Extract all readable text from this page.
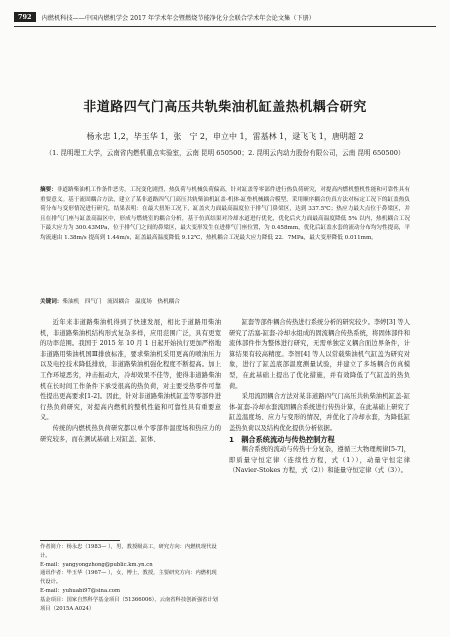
792	内燃机科技——中国内燃机学会 2017 年学术年会暨燃烧节能净化分会联合学术年会论文集（下册）
非道路四气门高压共轨柴油机缸盖热机耦合研究
杨永忠 1,2，毕玉华 1，张　宁 2，申立中 1，雷基林 1，逯飞飞 1，唐明超 2
（1. 昆明理工大学，云南省内燃机重点实验室，云南 昆明 650500；2. 昆明云内动力股份有限公司，云南 昆明 650500）
摘要：非道路柴油机工作条件恶劣，工况变化剧烈，热负荷与机械负荷偏高，针对缸盖等零部件进行热负荷研究，对提高内燃机整机性能和可靠性具有重要意义。基于流固耦合方法，建立了某非道路四气门高压共轨柴油机缸盖-机体-缸垫机械耦合模型，采用顺序耦合仿真方法对标定工况下的缸盖热负荷分布与变形情况进行研究，结果表明：在最大扭矩工况下，缸盖火力面最高温度位于排气门鼻梁区，达到 337.5℃；热应力最大点位于鼻梁区，并且在排气门座与缸盖高温区中，形成与燃烧室的耦合分析，基于仿真结果对冷却水道进行优化，优化后火力面最高温度降低 5% 以内，热机耦合工况下最大应力为 300.43MPa，位于排气门之间的鼻梁区，最大变形发生在进排气门座位置，为 0.458mm，优化后缸盖水套的流动分布均匀性提高，平均流速由 1.38m/s 提高到 1.44m/s，缸盖最高温度降低 9.12℃，热机耦合工况最大应力降低 22．7MPa，最大变形降低 0.011mm。
关键词：柴油机　四气门　流固耦合　温度场　热机耦合

近年来非道路柴油机得到了快速发展，相比于道路用柴油机，非道路柴油机结构形式复杂多样，应用范围广泛，具有更宽的功率范围。我国于 2015 年 10 月 1 日起开始执行更加严格地非道路用柴油机国Ⅲ排放标准，要求柴油机采用更高的喷油压力以及电控技术降低排放，非道路柴油机强化程度不断提高。加上工作环境恶劣，冲击振动大，冷却效果不佳等，使得非道路柴油机在长时间工作条件下承受很高的热负荷，对主要受热零件可靠性提出更高要求[1-2]。因此，针对非道路柴油机缸盖等零部件进行热负荷研究，对提高内燃机的整机性能和可靠性具有重要意义。

传统的内燃机热负荷研究都以单个零部件温度场和热应力的研究较多，而在测试基础上对缸盖、缸体、

缸套等部件耦合传热进行系统分析的研究较少。李婷[3] 等人研究了活塞-缸套-冷却水组成的固流耦合传热系统，将固体部件和流体部件作为整体进行研究，无需单独定义耦合面边界条件，计算结果有较高精度。李智[4] 等人以常载柴油机气缸盖为研究对象，进行了缸盖底部温度测量试验，并建立了多场耦合仿真模型，在此基础上提出了优化措施，并有效降低了气缸盖的热负荷。

采用流固耦合方法对某非道路四气门高压共轨柴油机缸盖-缸体-缸套-冷却水套流固耦合系统进行传热计算，在此基础上研究了缸盖温度场、应力与变形的情况，并优化了冷却水套，为降低缸盖热负荷以及结构优化提供分析依据。

1　耦合系统流动与传热控制方程

耦合系统的流动与传热十分复杂，遵循三大物理规律[5-7]，即质量守恒定律（连续性方程，式（1）），动量守恒定律（Navier-Stokes 方程，式（2））和能量守恒定律（式（3））。

作者简介：杨永忠（1983— ），男，教授级高工，研究方向：内燃机现代设计。
E-mail：yangyongzhong@public.km.yn.cn
通讯作者：毕玉华（1967— ），女，博士，教授，主要研究方向：内燃机现代设计。
E-mail：yuhuabi97@sina.com
基金项目：国家自然科学基金项目（51366006），云南省科技创新强省计划项目（2015A A024）
